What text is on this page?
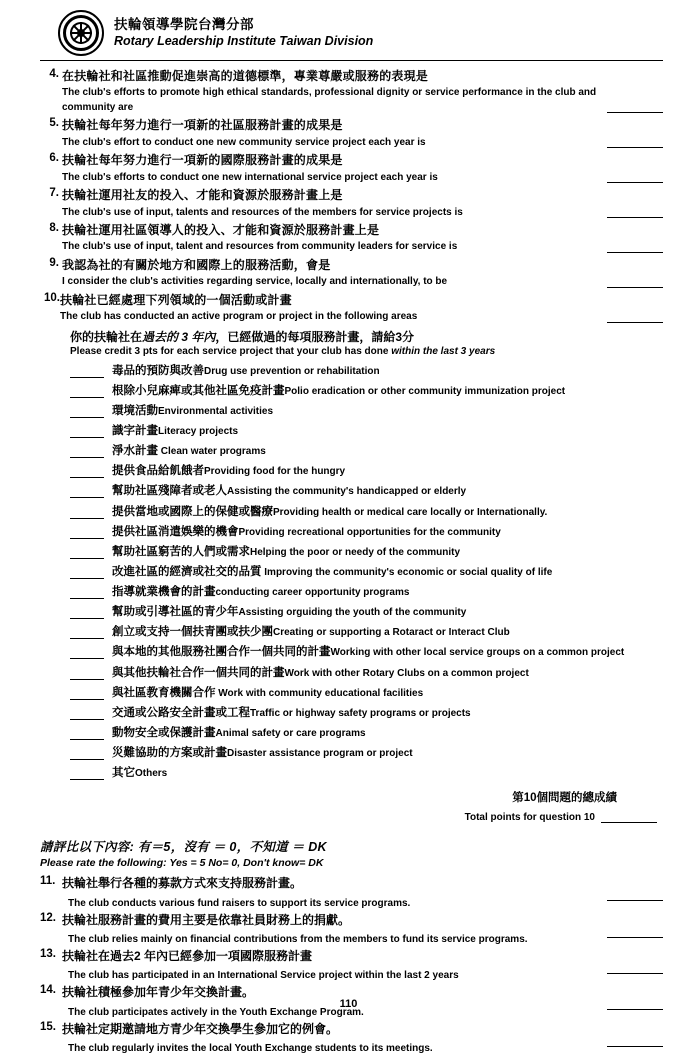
扶輪領導學院台灣分部
Rotary Leadership Institute Taiwan Division
4. 在扶輪社和社區推動促進崇高的道德標準，專業尊嚴或服務的表現是
The club's efforts to promote high ethical standards, professional dignity or service performance in the club and community are
5. 扶輪社每年努力進行一項新的社區服務計畫的成果是
The club's effort to conduct one new community service project each year is
6. 扶輪社每年努力進行一項新的國際服務計畫的成果是
The club's efforts to conduct one new international service project each year is
7. 扶輪社運用社友的投入、才能和資源於服務計畫上是
The club's use of input, talents and resources of the members for service projects is
8. 扶輪社運用社區領導人的投入、才能和資源於服務計畫上是
The club's use of input, talent and resources from community leaders for service is
9. 我認為社的有關於地方和國際上的服務活動，會是
I consider the club's activities regarding service, locally and internationally, to be
10. 扶輪社已經處理下列領域的一個活動或計畫
The club has conducted an active program or project in the following areas
你的扶輪社在過去的 3 年內，已經做過的每項服務計畫，請給3分
Please credit 3 pts for each service project that your club has done within the last 3 years
毒品的預防與改善Drug use prevention or rehabilitation
根除小兒麻痺或其他社區免疫計畫Polio eradication or other community immunization project
環境活動Environmental activities
識字計畫Literacy projects
淨水計畫 Clean water programs
提供食品給飢餓者Providing food for the hungry
幫助社區殘障者或老人Assisting the community's handicapped or elderly
提供當地或國際上的保健或醫療Providing health or medical care locally or Internationally.
提供社區消遣娛樂的機會Providing recreational opportunities for the community
幫助社區窮苦的人們或需求Helping the poor or needy of the community
改進社區的經濟或社交的品質 Improving the community's economic or social quality of life
指導就業機會的計畫conducting career opportunity programs
幫助或引導社區的青少年Assisting orguiding the youth of the community
創立或支持一個扶青團或扶少團Creating or supporting a Rotaract or Interact Club
與本地的其他服務社團合作一個共同的計畫Working with other local service groups on a common project
與其他扶輪社合作一個共同的計畫Work with other Rotary Clubs on a common project
與社區教育機關合作 Work with community educational facilities
交通或公路安全計畫或工程Traffic or highway safety programs or projects
動物安全或保護計畫Animal safety or care programs
災難協助的方案或計畫Disaster assistance program or project
其它Others
第10個問題的總成績
Total points for question 10
請評比以下內容: 有＝5，沒有 ＝ 0，不知道 ＝ DK
Please rate the following: Yes = 5 No= 0, Don't know= DK
11. 扶輪社舉行各種的募款方式來支持服務計畫。
The club conducts various fund raisers to support its service programs.
12. 扶輪社服務計畫的費用主要是依靠社員財務上的捐獻。
The club relies mainly on financial contributions from the members to fund its service programs.
13. 扶輪社在過去2 年內已經參加一項國際服務計畫
The club has participated in an International Service project within the last 2 years
14. 扶輪社積極參加年青少年交換計畫。
The club participates actively in the Youth Exchange Program.
15. 扶輪社定期邀請地方青少年交換學生參加它的例會。
The club regularly invites the local Youth Exchange students to its meetings.
110
